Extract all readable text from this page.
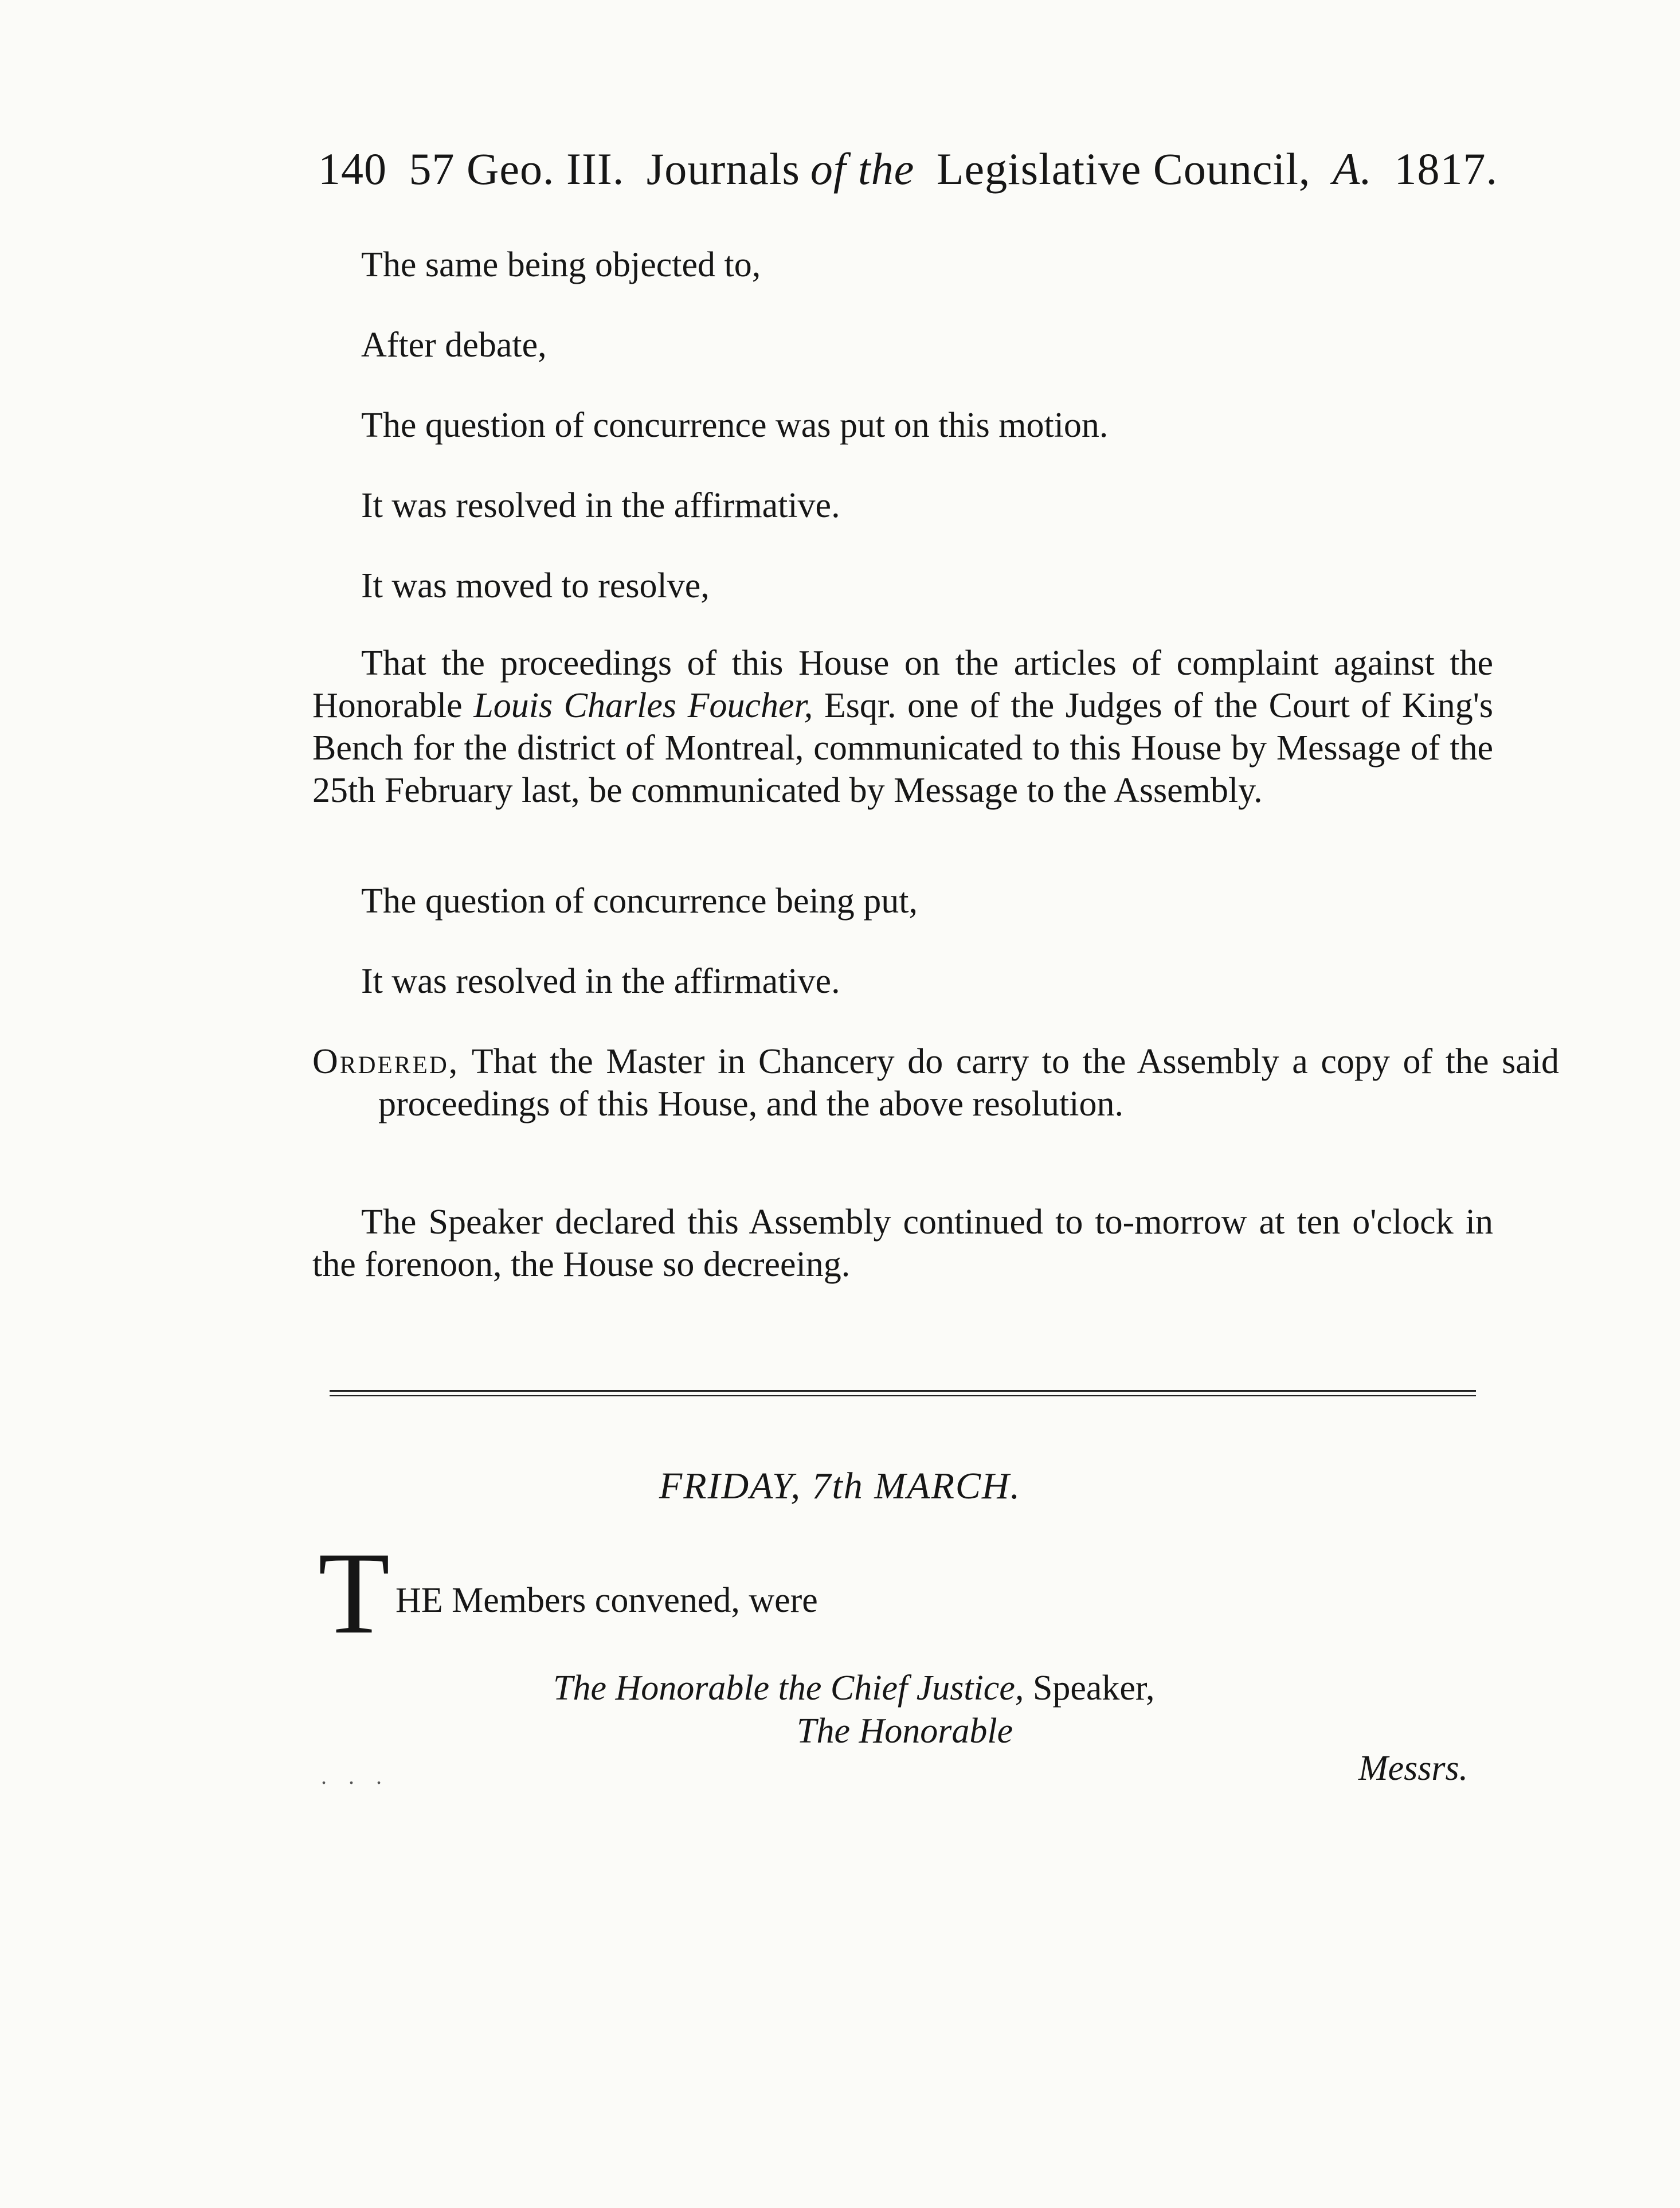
140 57 Geo. III. Journals of the Legislative Council, A. 1817.
The same being objected to,
After debate,
The question of concurrence was put on this motion.
It was resolved in the affirmative.
It was moved to resolve,
That the proceedings of this House on the articles of complaint against the Honorable Louis Charles Foucher, Esqr. one of the Judges of the Court of King's Bench for the district of Montreal, communicated to this House by Message of the 25th February last, be communicated by Message to the Assembly.
The question of concurrence being put,
It was resolved in the affirmative.
Ordered, That the Master in Chancery do carry to the Assembly a copy of the said proceedings of this House, and the above resolution.
The Speaker declared this Assembly continued to to-morrow at ten o'clock in the forenoon, the House so decreeing.
FRIDAY, 7th MARCH.
T HE Members convened, were
The Honorable the Chief Justice, Speaker,
The Honorable
. . .	Messrs.
